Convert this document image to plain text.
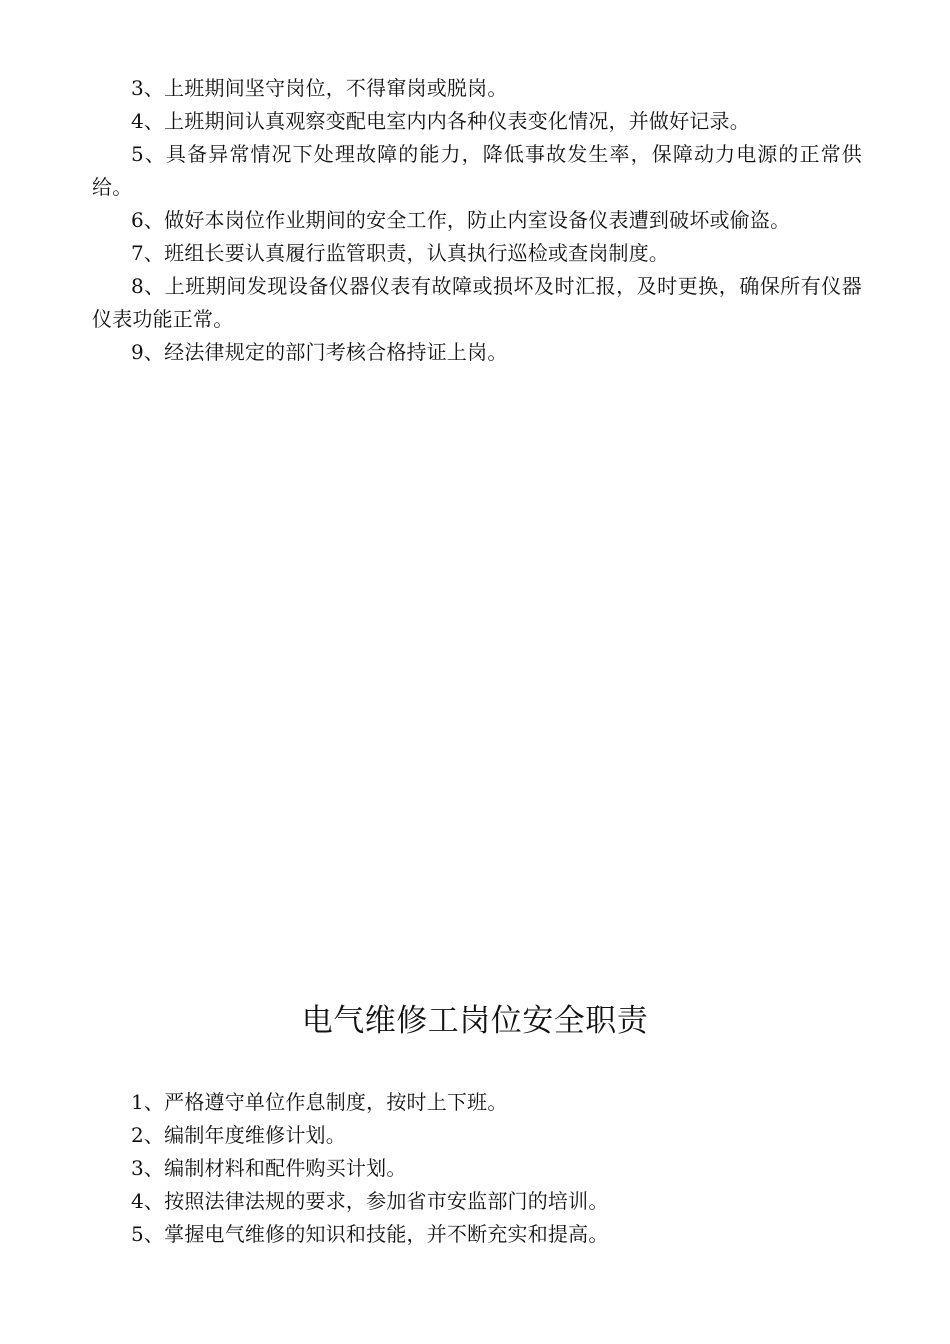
3、上班期间坚守岗位，不得窜岗或脱岗。

4、上班期间认真观察变配电室内内各种仪表变化情况，并做好记录。

5、具备异常情况下处理故障的能力，降低事故发生率，保障动力电源的正常供给。

6、做好本岗位作业期间的安全工作，防止内室设备仪表遭到破坏或偷盗。

7、班组长要认真履行监管职责，认真执行巡检或查岗制度。

8、上班期间发现设备仪器仪表有故障或损坏及时汇报，及时更换，确保所有仪器仪表功能正常。

9、经法律规定的部门考核合格持证上岗。

电气维修工岗位安全职责

1、严格遵守单位作息制度，按时上下班。

2、编制年度维修计划。

3、编制材料和配件购买计划。

4、按照法律法规的要求，参加省市安监部门的培训。

5、掌握电气维修的知识和技能，并不断充实和提高。
